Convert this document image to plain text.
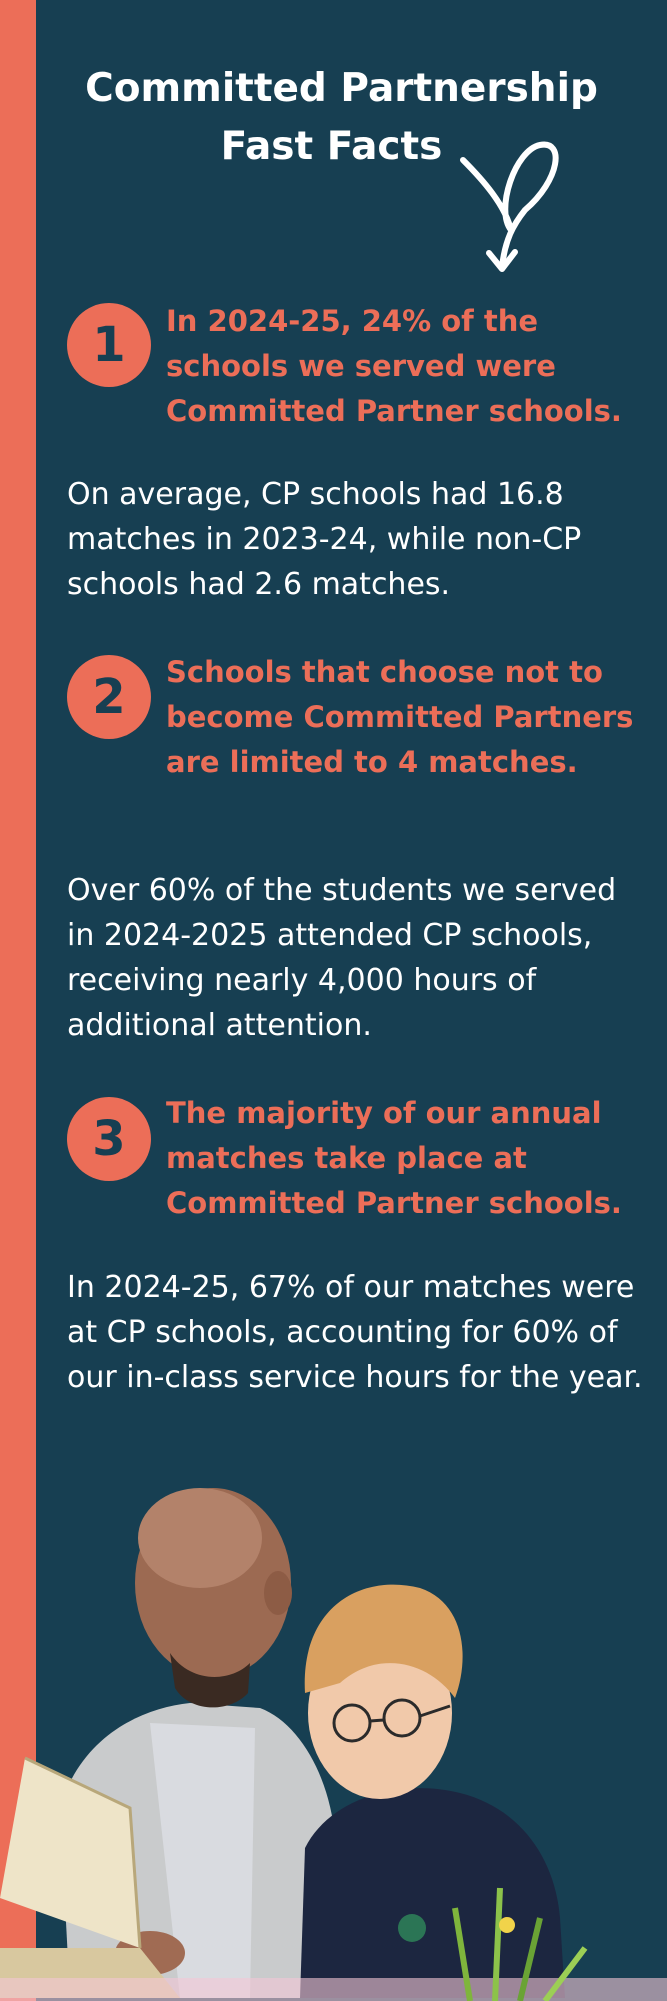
Committed Partnership
Fast Facts
1	In 2024-25, 24% of the schools we served were Committed Partner schools.

On average, CP schools had 16.8 matches in 2023-24, while non-CP schools had 2.6 matches.

2	Schools that choose not to become Committed Partners are limited to 4 matches.

Over 60% of the students we served in 2024-2025 attended CP schools, receiving nearly 4,000 hours of additional attention.

3	The majority of our annual matches take place at Committed Partner schools.

In 2024-25, 67% of our matches were at CP schools, accounting for 60% of our in-class service hours for the year.
